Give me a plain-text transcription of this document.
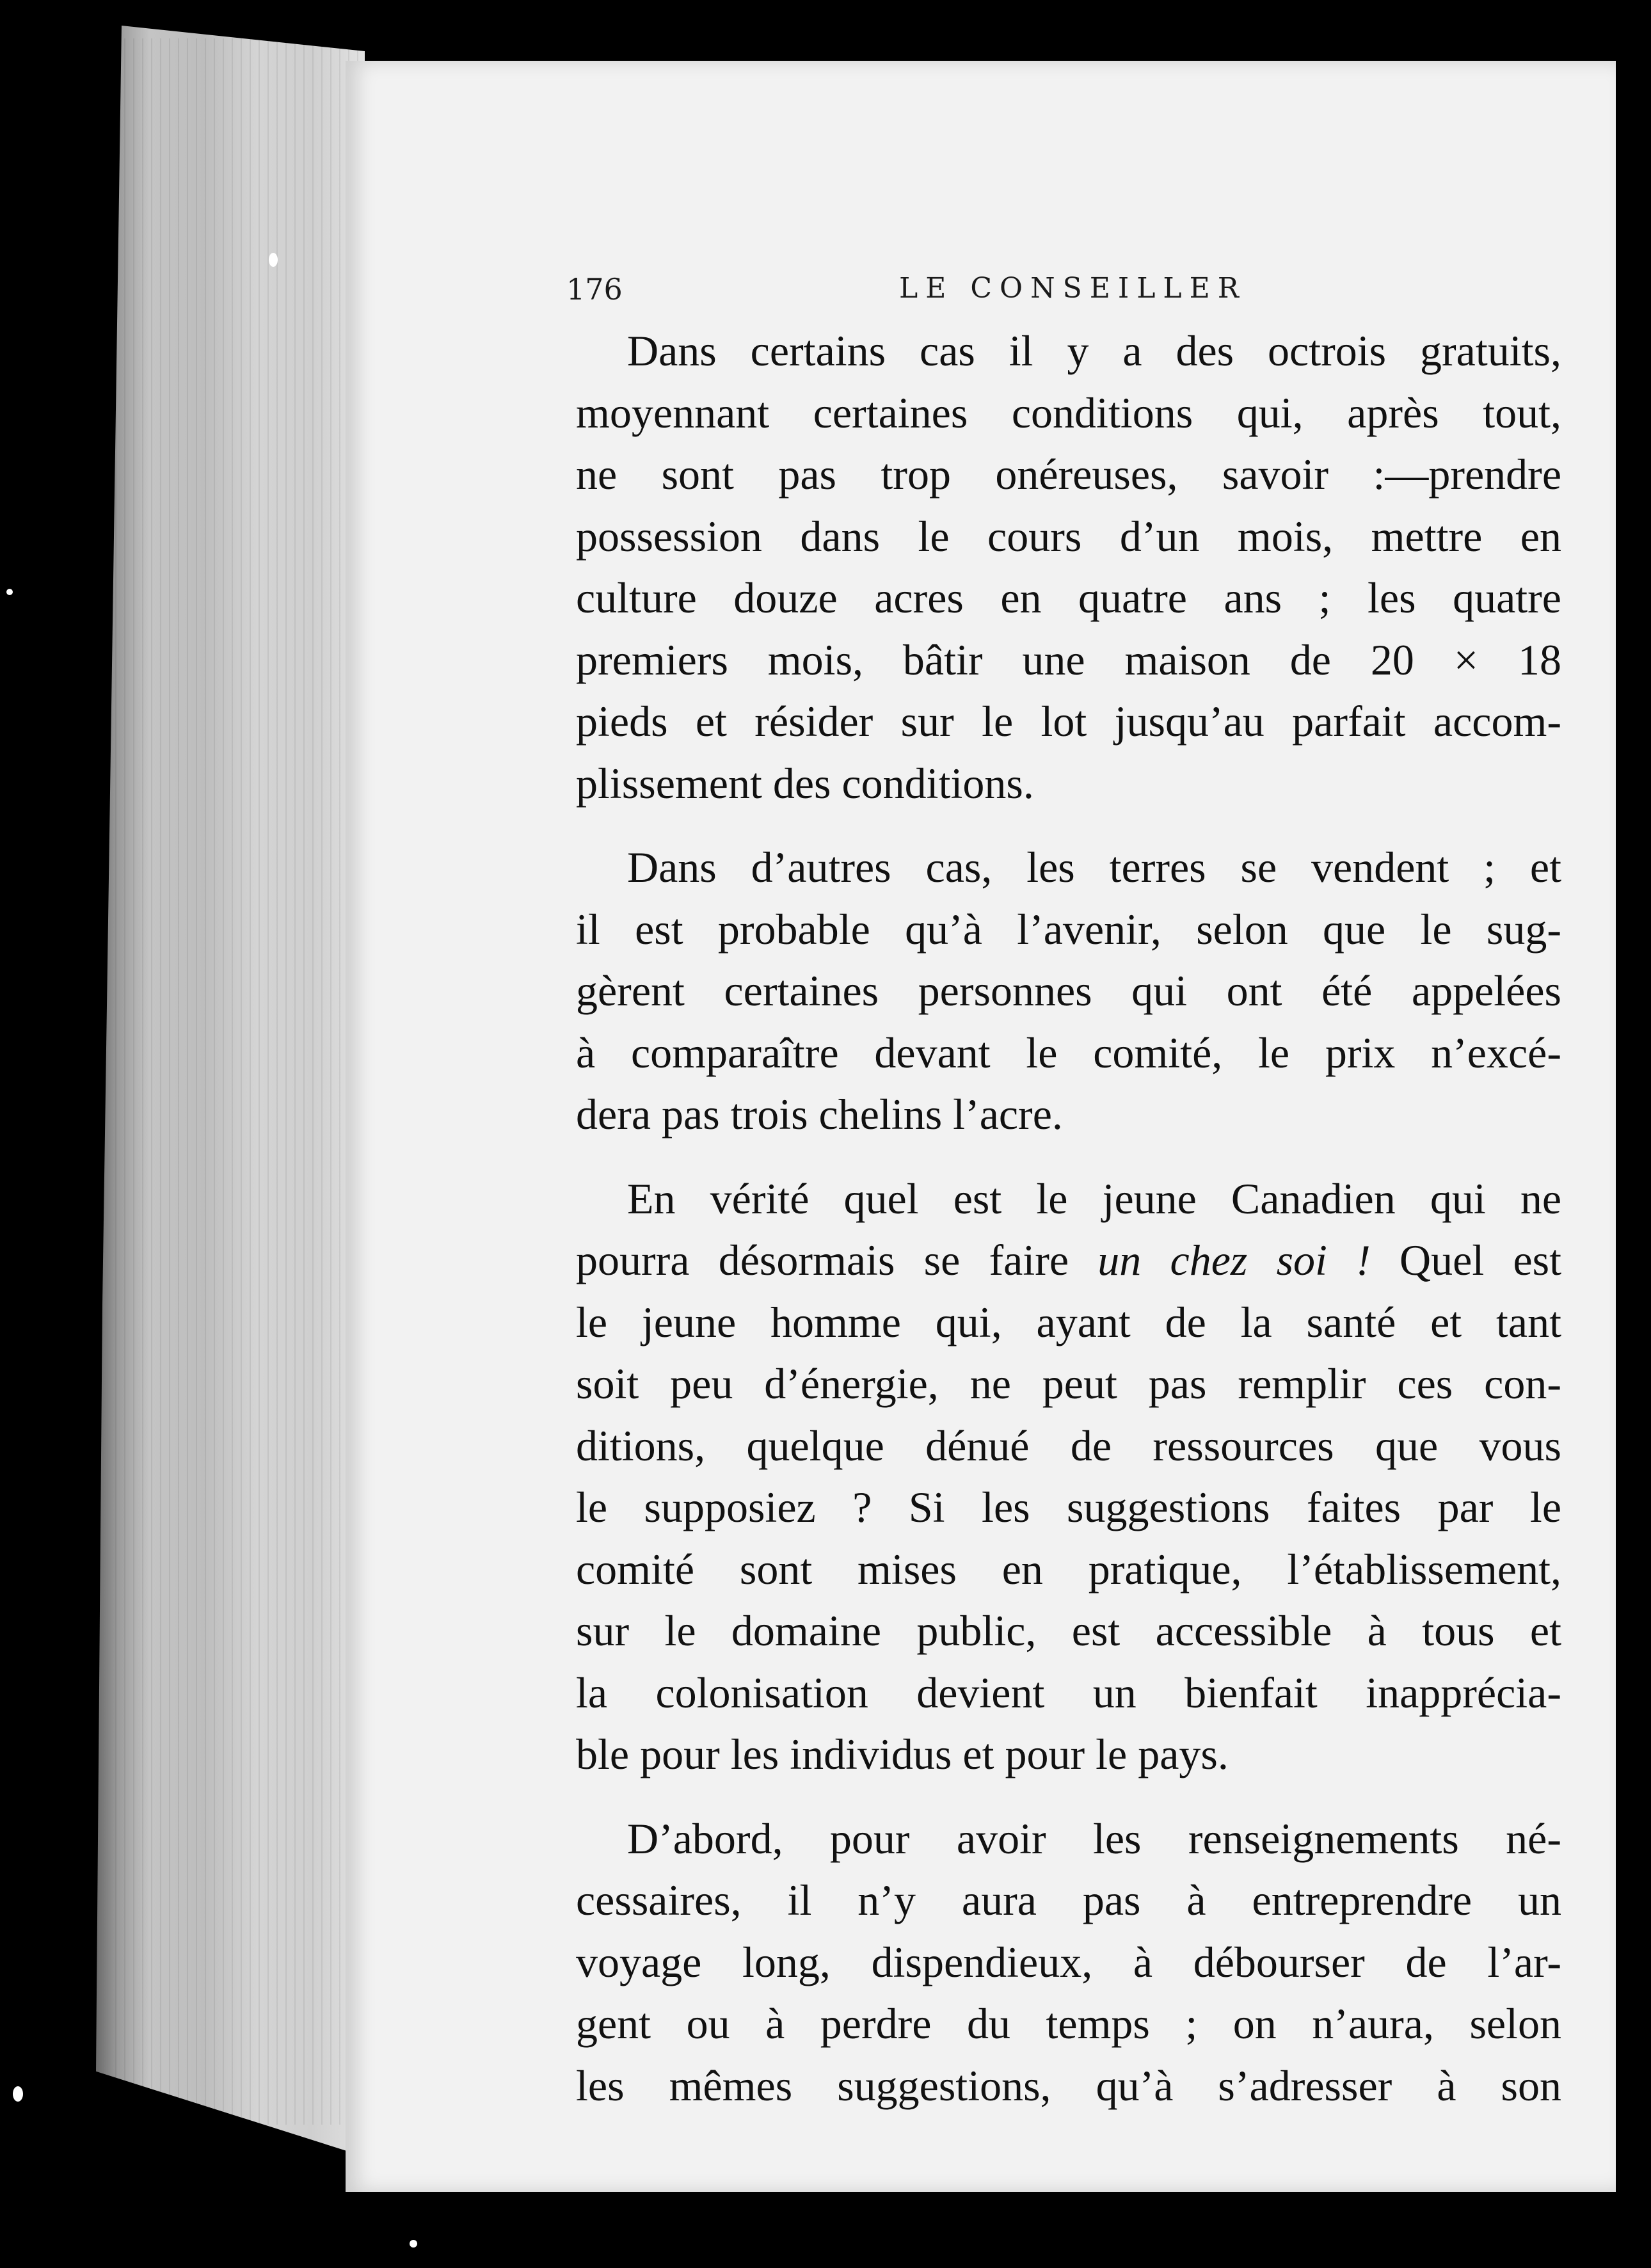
176	LE CONSEILLER
Dans certains cas il y a des octrois gratuits,
moyennant certaines conditions qui, après tout,
ne sont pas trop onéreuses, savoir :—prendre
possession dans le cours d’un mois, mettre en
culture douze acres en quatre ans ; les quatre
premiers mois, bâtir une maison de 20 × 18
pieds et résider sur le lot jusqu’au parfait accom-
plissement des conditions.
Dans d’autres cas, les terres se vendent ; et
il est probable qu’à l’avenir, selon que le sug-
gèrent certaines personnes qui ont été appelées
à comparaître devant le comité, le prix n’excé-
dera pas trois chelins l’acre.
En vérité quel est le jeune Canadien qui ne
pourra désormais se faire un chez soi ! Quel est
le jeune homme qui, ayant de la santé et tant
soit peu d’énergie, ne peut pas remplir ces con-
ditions, quelque dénué de ressources que vous
le supposiez ? Si les suggestions faites par le
comité sont mises en pratique, l’établissement,
sur le domaine public, est accessible à tous et
la colonisation devient un bienfait inappréciа-
ble pour les individus et pour le pays.
D’abord, pour avoir les renseignements né-
cessaires, il n’y aura pas à entreprendre un
voyage long, dispendieux, à débourser de l’ar-
gent ou à perdre du temps ; on n’aura, selon
les mêmes suggestions, qu’à s’adresser à son
